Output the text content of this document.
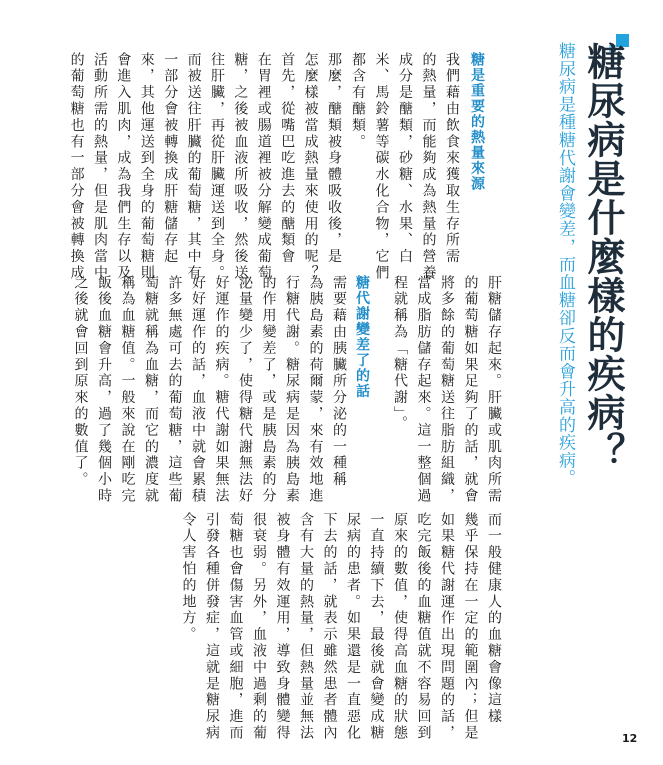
糖尿病是什麼樣的疾病？
糖尿病是種糖代謝會變差，而血糖卻反而會升高的疾病。
糖是重要的熱量來源
糖代謝變差了的話
12
我們藉由飲食來獲取生存所需
的熱量，而能夠成為熱量的營養
成分是醣類，砂糖、水果、白
米、馬鈴薯等碳水化合物，它們
都含有醣類。
那麼，醣類被身體吸收後，是
怎麼樣被當成熱量來使用的呢？
首先，從嘴巴吃進去的醣類會
在胃裡或腸道裡被分解變成葡萄
糖，之後被血液所吸收，然後送
往肝臟，再從肝臟運送到全身。
而被送往肝臟的葡萄糖，其中有
一部分會被轉換成肝糖儲存起
來，其他運送到全身的葡萄糖則
會進入肌肉，成為我們生存以及
活動所需的熱量，但是肌肉當中
的葡萄糖也有一部分會被轉換成
肝糖儲存起來。肝臟或肌肉所需
的葡萄糖如果足夠了的話，就會
將多餘的葡萄糖送往脂肪組織，
當成脂肪儲存起來。這一整個過
程就稱為「糖代謝」。
需要藉由胰臟所分泌的一種稱
為胰島素的荷爾蒙，來有效地進
行糖代謝。糖尿病是因為胰島素
的作用變差了，或是胰島素的分
泌量變少了，使得糖代謝無法好
好運作的疾病。糖代謝如果無法
好好運作的話，血液中就會累積
許多無處可去的葡萄糖，這些葡
萄糖就稱為血糖，而它的濃度就
稱為血糖值。一般來說在剛吃完
飯後血糖會升高，過了幾個小時
之後就會回到原來的數值了。
而一般健康人的血糖會像這樣
幾乎保持在一定的範圍內；但是
如果糖代謝運作出現問題的話，
吃完飯後的血糖值就不容易回到
原來的數值，使得高血糖的狀態
一直持續下去，最後就會變成糖
尿病的患者。如果還是一直惡化
下去的話，就表示雖然患者體內
含有大量的熱量，但熱量並無法
被身體有效運用，導致身體變得
很衰弱。另外，血液中過剩的葡
萄糖也會傷害血管或細胞，進而
引發各種併發症，這就是糖尿病
令人害怕的地方。
